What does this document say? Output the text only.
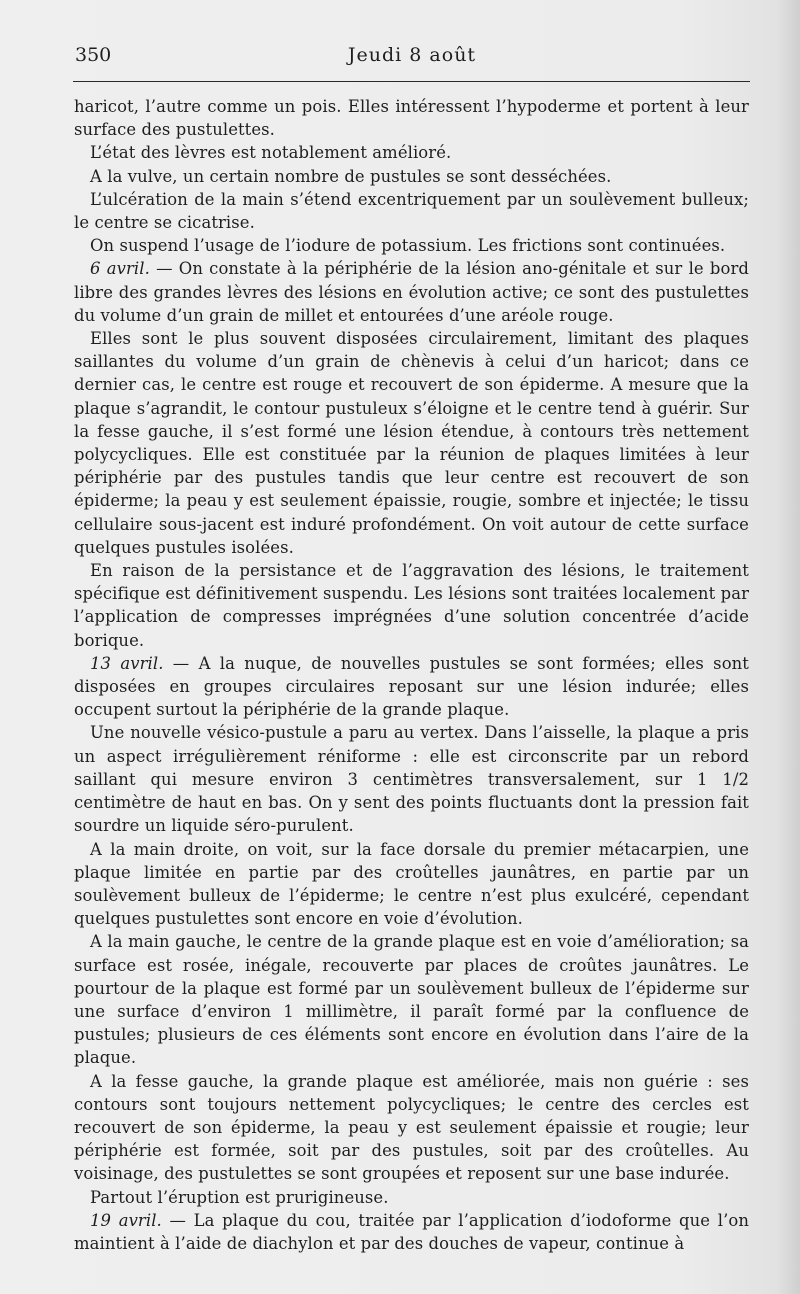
350	Jeudi 8 août

haricot, l’autre comme un pois. Elles intéressent l’hypoderme et portent à leur surface des pustulettes.

L’état des lèvres est notablement amélioré.

A la vulve, un certain nombre de pustules se sont desséchées.

L’ulcération de la main s’étend excentriquement par un soulèvement bulleux; le centre se cicatrise.

On suspend l’usage de l’iodure de potassium. Les frictions sont continuées.

6 avril. — On constate à la périphérie de la lésion ano-génitale et sur le bord libre des grandes lèvres des lésions en évolution active; ce sont des pustulettes du volume d’un grain de millet et entourées d’une aréole rouge.

Elles sont le plus souvent disposées circulairement, limitant des plaques saillantes du volume d’un grain de chènevis à celui d’un haricot; dans ce dernier cas, le centre est rouge et recouvert de son épiderme. A mesure que la plaque s’agrandit, le contour pustuleux s’éloigne et le centre tend à guérir. Sur la fesse gauche, il s’est formé une lésion étendue, à contours très nettement polycycliques. Elle est constituée par la réunion de plaques limitées à leur périphérie par des pustules tandis que leur centre est recouvert de son épiderme; la peau y est seulement épaissie, rougie, sombre et injectée; le tissu cellulaire sous-jacent est induré profondément. On voit autour de cette surface quelques pustules isolées.

En raison de la persistance et de l’aggravation des lésions, le traitement spécifique est définitivement suspendu. Les lésions sont traitées localement par l’application de compresses imprégnées d’une solution concentrée d’acide borique.

13 avril. — A la nuque, de nouvelles pustules se sont formées; elles sont disposées en groupes circulaires reposant sur une lésion indurée; elles occupent surtout la périphérie de la grande plaque.

Une nouvelle vésico-pustule a paru au vertex. Dans l’aisselle, la plaque a pris un aspect irrégulièrement réniforme : elle est circonscrite par un rebord saillant qui mesure environ 3 centimètres transversalement, sur 1 1/2 centimètre de haut en bas. On y sent des points fluctuants dont la pression fait sourdre un liquide séro-purulent.

A la main droite, on voit, sur la face dorsale du premier métacarpien, une plaque limitée en partie par des croûtelles jaunâtres, en partie par un soulèvement bulleux de l’épiderme; le centre n’est plus exulcéré, cependant quelques pustulettes sont encore en voie d’évolution.

A la main gauche, le centre de la grande plaque est en voie d’amélioration; sa surface est rosée, inégale, recouverte par places de croûtes jaunâtres. Le pourtour de la plaque est formé par un soulèvement bulleux de l’épiderme sur une surface d’environ 1 millimètre, il paraît formé par la confluence de pustules; plusieurs de ces éléments sont encore en évolution dans l’aire de la plaque.

A la fesse gauche, la grande plaque est améliorée, mais non guérie : ses contours sont toujours nettement polycycliques; le centre des cercles est recouvert de son épiderme, la peau y est seulement épaissie et rougie; leur périphérie est formée, soit par des pustules, soit par des croûtelles. Au voisinage, des pustulettes se sont groupées et reposent sur une base indurée.

Partout l’éruption est prurigineuse.

19 avril. — La plaque du cou, traitée par l’application d’iodoforme que l’on maintient à l’aide de diachylon et par des douches de vapeur, continue à
